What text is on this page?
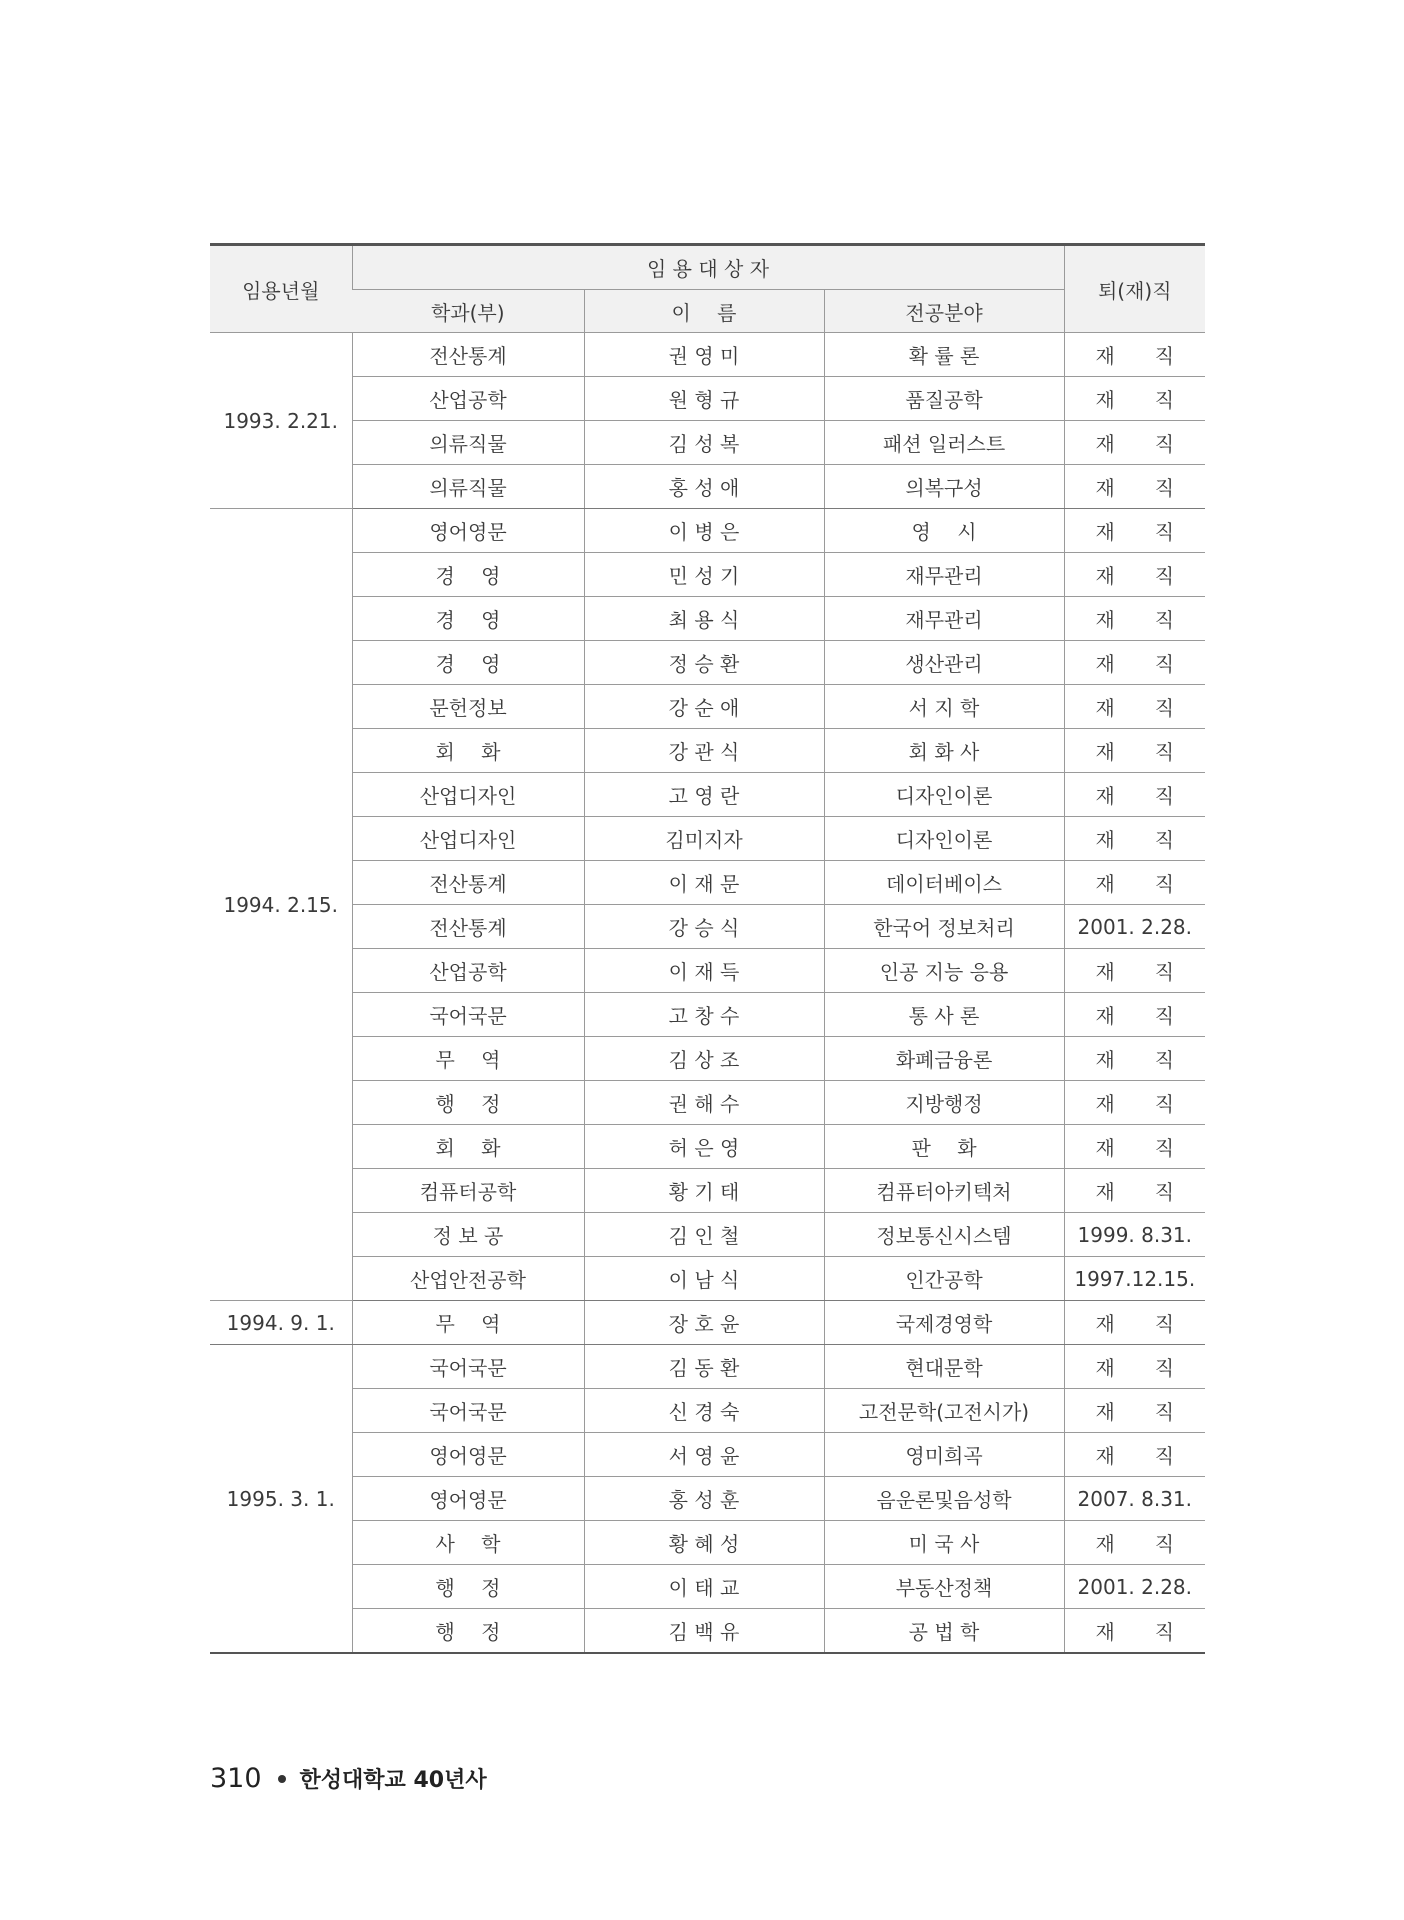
임용년월	임 용 대 상 자			퇴(재)직
	학과(부)	이　 름	전공분야	
1993. 2.21.	전산통계	권 영 미	확 률 론	재　　직
	산업공학	원 형 규	품질공학	재　　직
	의류직물	김 성 복	패션 일러스트	재　　직
	의류직물	홍 성 애	의복구성	재　　직
1994. 2.15.	영어영문	이 병 은	영　 시	재　　직
	경　 영	민 성 기	재무관리	재　　직
	경　 영	최 용 식	재무관리	재　　직
	경　 영	정 승 환	생산관리	재　　직
	문헌정보	강 순 애	서 지 학	재　　직
	회　 화	강 관 식	회 화 사	재　　직
	산업디자인	고 영 란	디자인이론	재　　직
	산업디자인	김미지자	디자인이론	재　　직
	전산통계	이 재 문	데이터베이스	재　　직
	전산통계	강 승 식	한국어 정보처리	2001. 2.28.
	산업공학	이 재 득	인공 지능 응용	재　　직
	국어국문	고 창 수	통 사 론	재　　직
	무　 역	김 상 조	화폐금융론	재　　직
	행　 정	권 해 수	지방행정	재　　직
	회　 화	허 은 영	판　 화	재　　직
	컴퓨터공학	황 기 태	컴퓨터아키텍처	재　　직
	정 보 공	김 인 철	정보통신시스템	1999. 8.31.
	산업안전공학	이 남 식	인간공학	1997.12.15.
1994. 9. 1.	무　 역	장 호 윤	국제경영학	재　　직
1995. 3. 1.	국어국문	김 동 환	현대문학	재　　직
	국어국문	신 경 숙	고전문학(고전시가)	재　　직
	영어영문	서 영 윤	영미희곡	재　　직
	영어영문	홍 성 훈	음운론및음성학	2007. 8.31.
	사　 학	황 혜 성	미 국 사	재　　직
	행　 정	이 태 교	부동산정책	2001. 2.28.
	행　 정	김 백 유	공 법 학	재　　직
310 한성대학교 40년사
